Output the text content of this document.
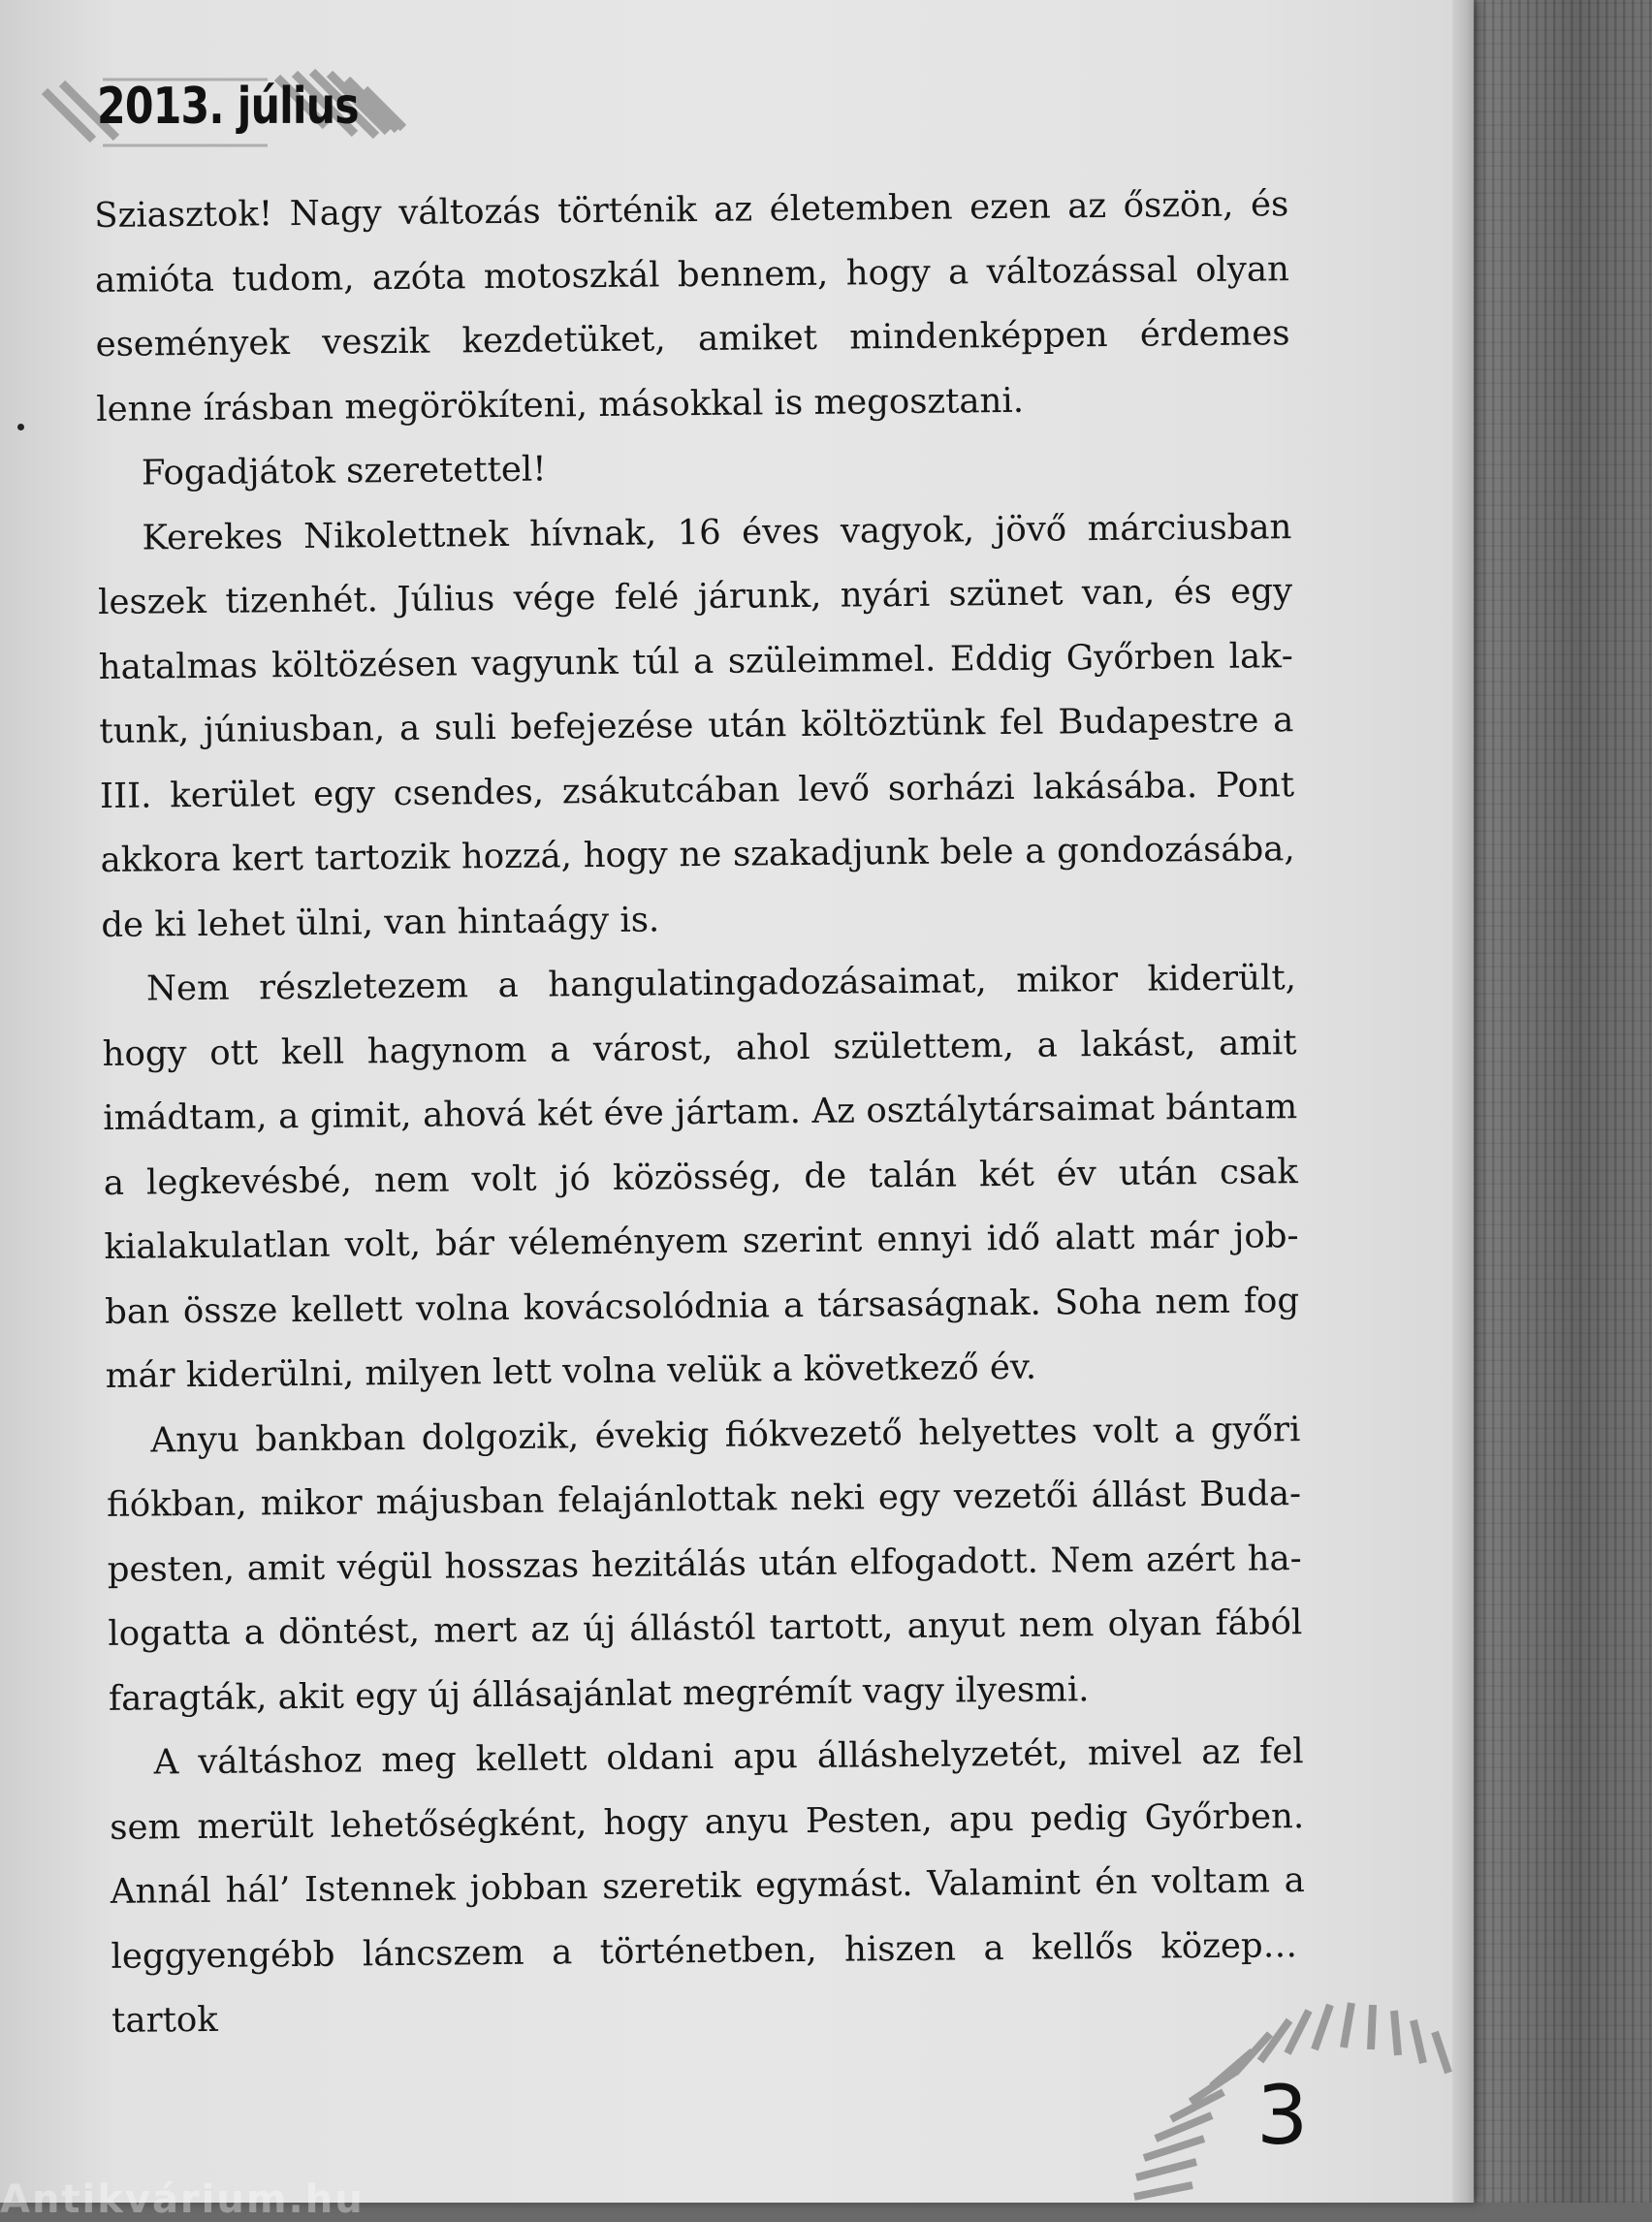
2013. július

Sziasztok! Nagy változás történik az életemben ezen az őszön, és amióta tudom, azóta motoszkál bennem, hogy a változással olyan események veszik kezdetüket, amiket mindenképpen érdemes lenne írásban megörökíteni, másokkal is megosztani.

Fogadjátok szeretettel!

Kerekes Nikolettnek hívnak, 16 éves vagyok, jövő márciusban leszek tizenhét. Július vége felé járunk, nyári szünet van, és egy hatalmas költözésen vagyunk túl a szüleimmel. Eddig Győrben laktunk, júniusban, a suli befejezése után költöztünk fel Budapestre a III. kerület egy csendes, zsákutcában levő sorházi lakásába. Pont akkora kert tartozik hozzá, hogy ne szakadjunk bele a gondozásába, de ki lehet ülni, van hintaágy is.

Nem részletezem a hangulatingadozásaimat, mikor kiderült, hogy ott kell hagynom a várost, ahol születtem, a lakást, amit imádtam, a gimit, ahová két éve jártam. Az osztálytársaimat bántam a legkevésbé, nem volt jó közösség, de talán két év után csak kialakulatlan volt, bár véleményem szerint ennyi idő alatt már jobban össze kellett volna kovácsolódnia a társaságnak. Soha nem fog már kiderülni, milyen lett volna velük a következő év.

Anyu bankban dolgozik, évekig fiókvezető helyettes volt a győri fiókban, mikor májusban felajánlottak neki egy vezetői állást Budapesten, amit végül hosszas hezitálás után elfogadott. Nem azért halogatta a döntést, mert az új állástól tartott, anyut nem olyan fából faragták, akit egy új állásajánlat megrémít vagy ilyesmi.

A váltáshoz meg kellett oldani apu álláshelyzetét, mivel az fel sem merült lehetőségként, hogy anyu Pesten, apu pedig Győrben. Annál hál’ Istennek jobban szeretik egymást. Valamint én voltam a leggyengébb láncszem a történetben, hiszen a kellős közepén tartok

3

Antikvárium.hu
